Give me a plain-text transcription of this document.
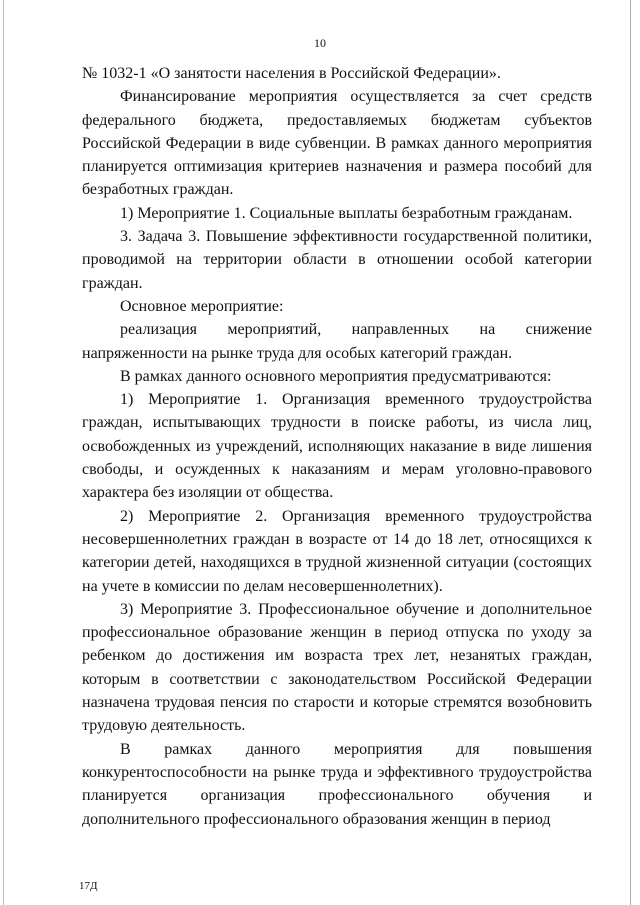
10

№ 1032-1 «О занятости населения в Российской Федерации».

Финансирование мероприятия осуществляется за счет средств федерального бюджета, предоставляемых бюджетам субъектов Российской Федерации в виде субвенции. В рамках данного мероприятия планируется оптимизация критериев назначения и размера пособий для безработных граждан.

1) Мероприятие 1. Социальные выплаты безработным гражданам.

3. Задача 3. Повышение эффективности государственной политики, проводимой на территории области в отношении особой категории граждан.

Основное мероприятие:

реализация мероприятий, направленных на снижение напряженности на рынке труда для особых категорий граждан.

В рамках данного основного мероприятия предусматриваются:

1) Мероприятие 1. Организация временного трудоустройства граждан, испытывающих трудности в поиске работы, из числа лиц, освобожденных из учреждений, исполняющих наказание в виде лишения свободы, и осужденных к наказаниям и мерам уголовно-правового характера без изоляции от общества.

2) Мероприятие 2. Организация временного трудоустройства несовершеннолетних граждан в возрасте от 14 до 18 лет, относящихся к категории детей, находящихся в трудной жизненной ситуации (состоящих на учете в комиссии по делам несовершеннолетних).

3) Мероприятие 3. Профессиональное обучение и дополнительное профессиональное образование женщин в период отпуска по уходу за ребенком до достижения им возраста трех лет, незанятых граждан, которым в соответствии с законодательством Российской Федерации назначена трудовая пенсия по старости и которые стремятся возобновить трудовую деятельность.

В рамках данного мероприятия для повышения конкурентоспособности на рынке труда и эффективного трудоустройства планируется организация профессионального обучения и дополнительного профессионального образования женщин в период

17Д
